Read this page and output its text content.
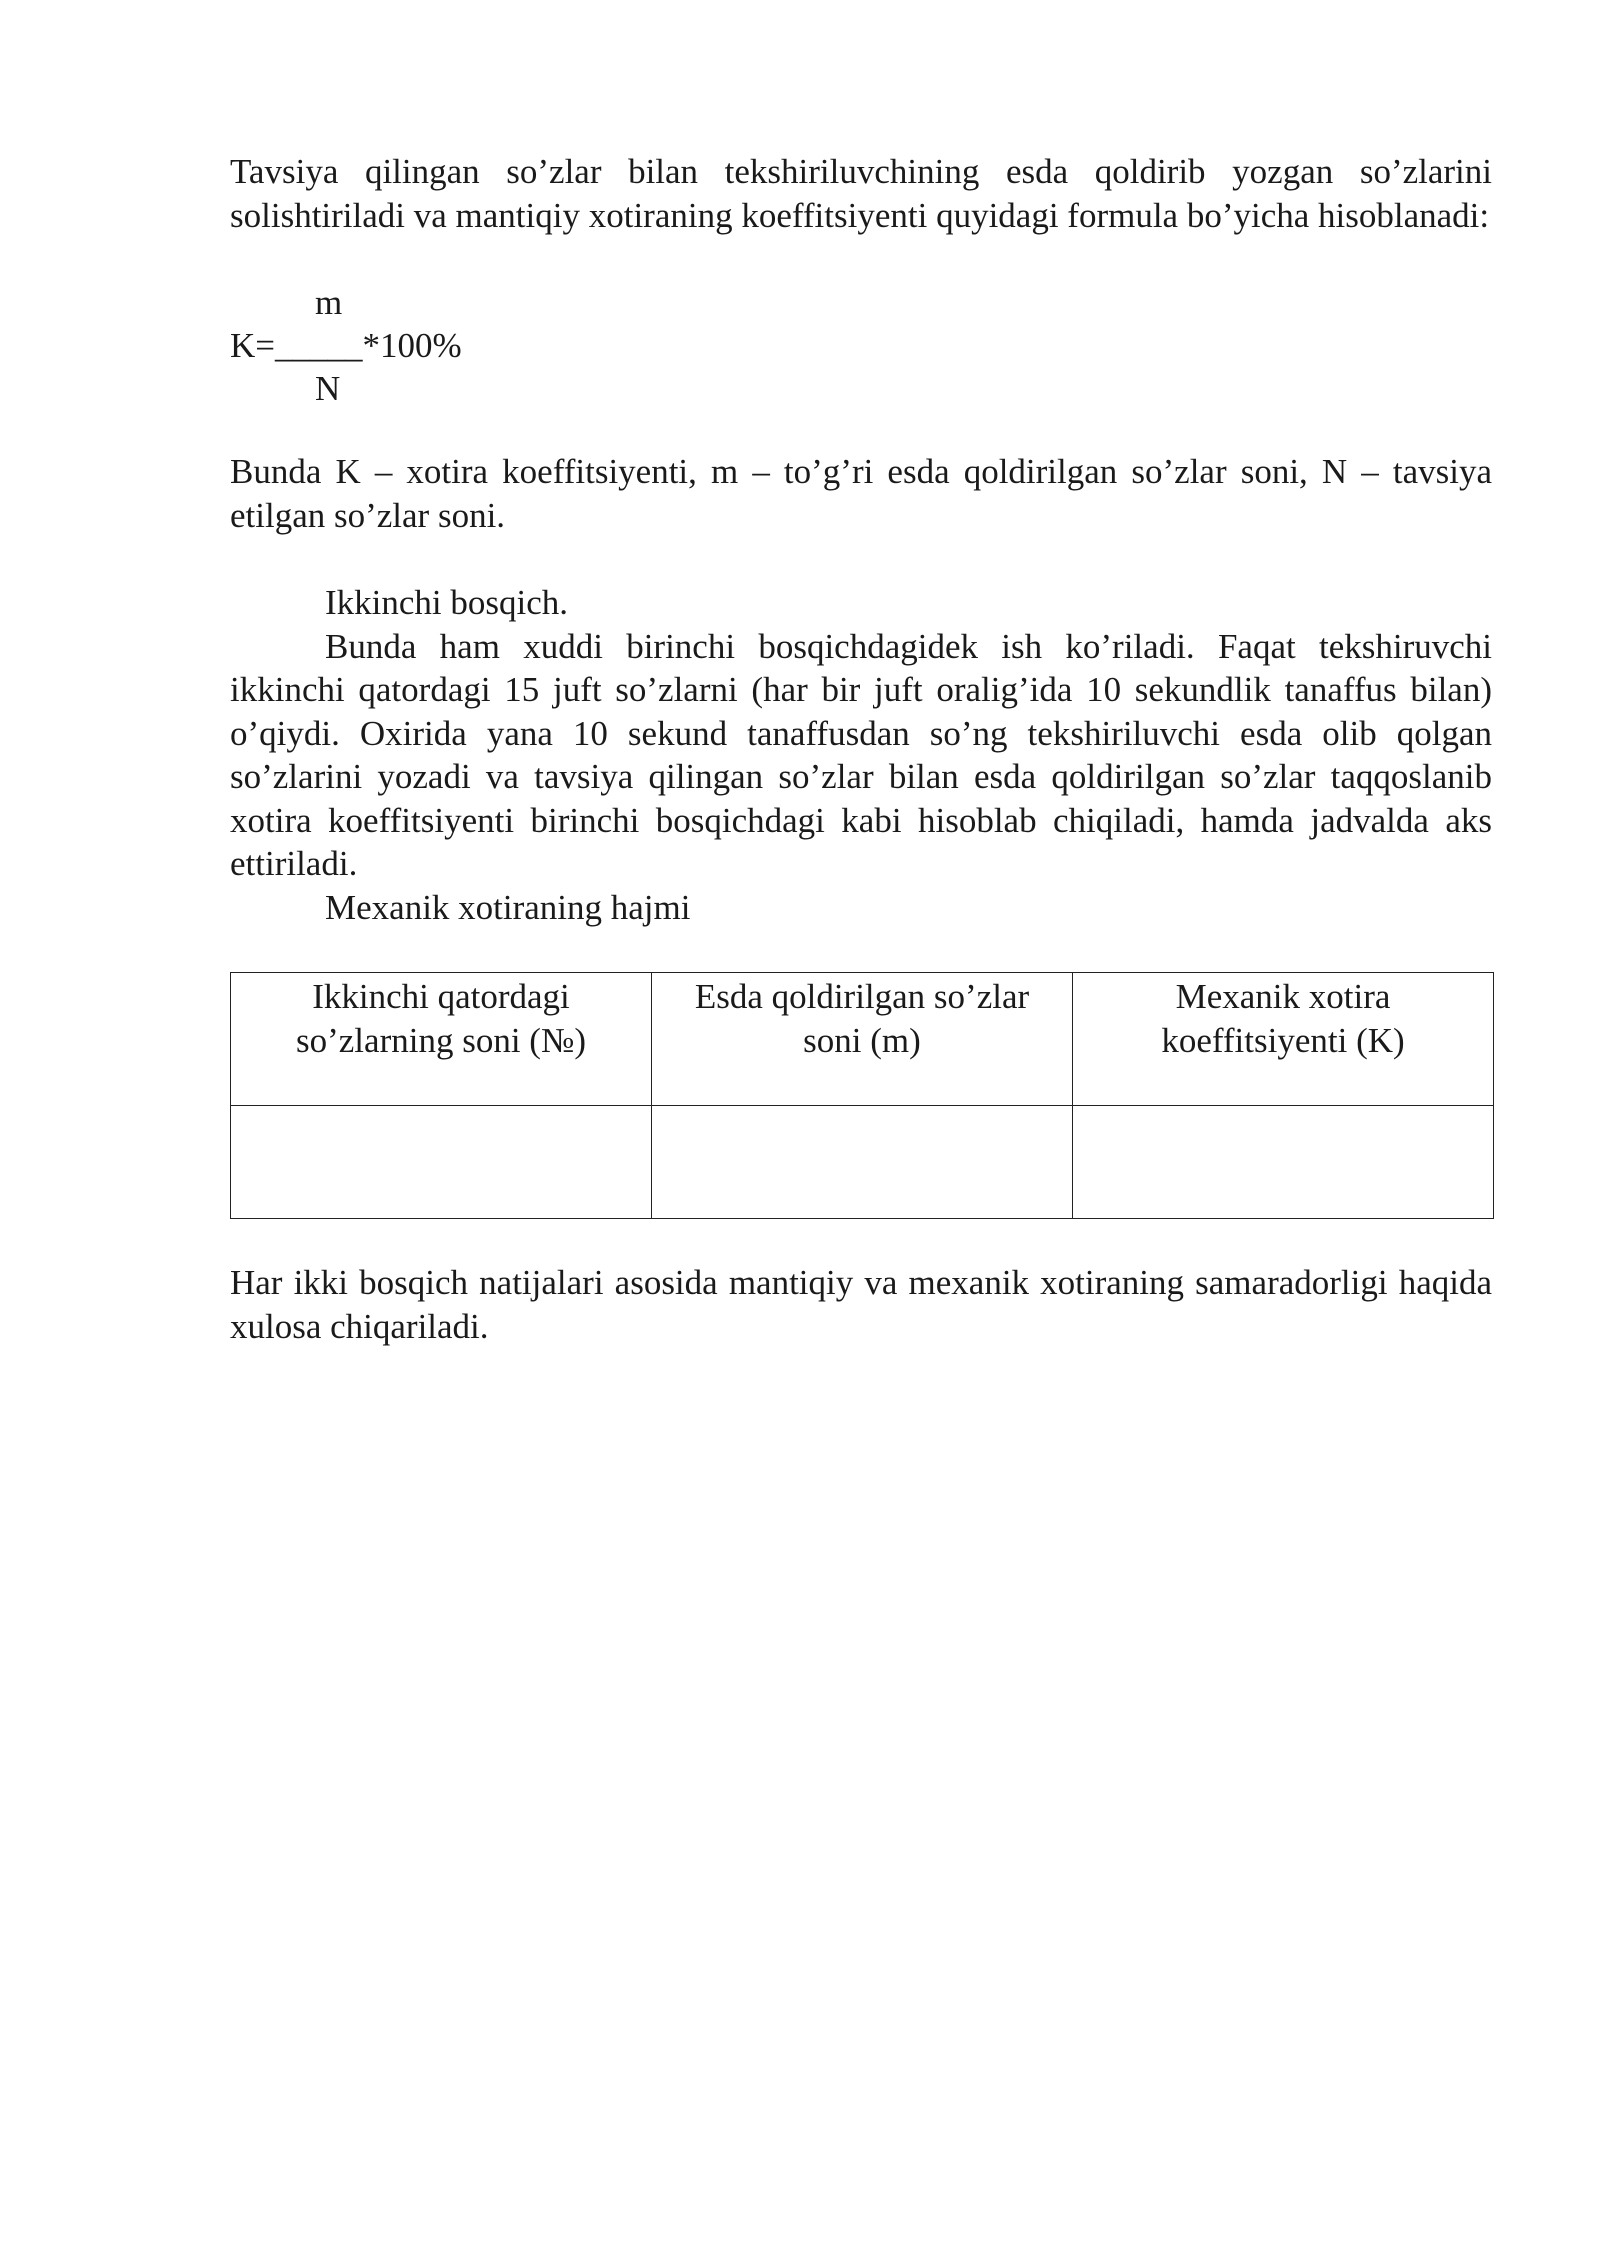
Tavsiya qilingan so’zlar bilan tekshiriluvchining esda qoldirib yozgan so’zlarini solishtiriladi va mantiqiy xotiraning koeffitsiyenti quyidagi formula bo’yicha hisoblanadi:

m
K=_____*100%
N

Bunda K – xotira koeffitsiyenti, m – to’g’ri esda qoldirilgan so’zlar soni, N – tavsiya etilgan so’zlar soni.

Ikkinchi bosqich.

Bunda ham xuddi birinchi bosqichdagidek ish ko’riladi. Faqat tekshiruvchi ikkinchi qatordagi 15 juft so’zlarni (har bir juft oralig’ida 10 sekundlik tanaffus bilan) o’qiydi. Oxirida yana 10 sekund tanaffusdan so’ng tekshiriluvchi esda olib qolgan so’zlarini yozadi va tavsiya qilingan so’zlar bilan esda qoldirilgan so’zlar taqqoslanib xotira koeffitsiyenti birinchi bosqichdagi kabi hisoblab chiqiladi, hamda jadvalda aks ettiriladi.

Mexanik xotiraning hajmi

Ikkinchi qatordagi so’zlarning soni (№)	Esda qoldirilgan so’zlar soni (m)	Mexanik xotira koeffitsiyenti (K)

Har ikki bosqich natijalari asosida mantiqiy va mexanik xotiraning samaradorligi haqida xulosa chiqariladi.
